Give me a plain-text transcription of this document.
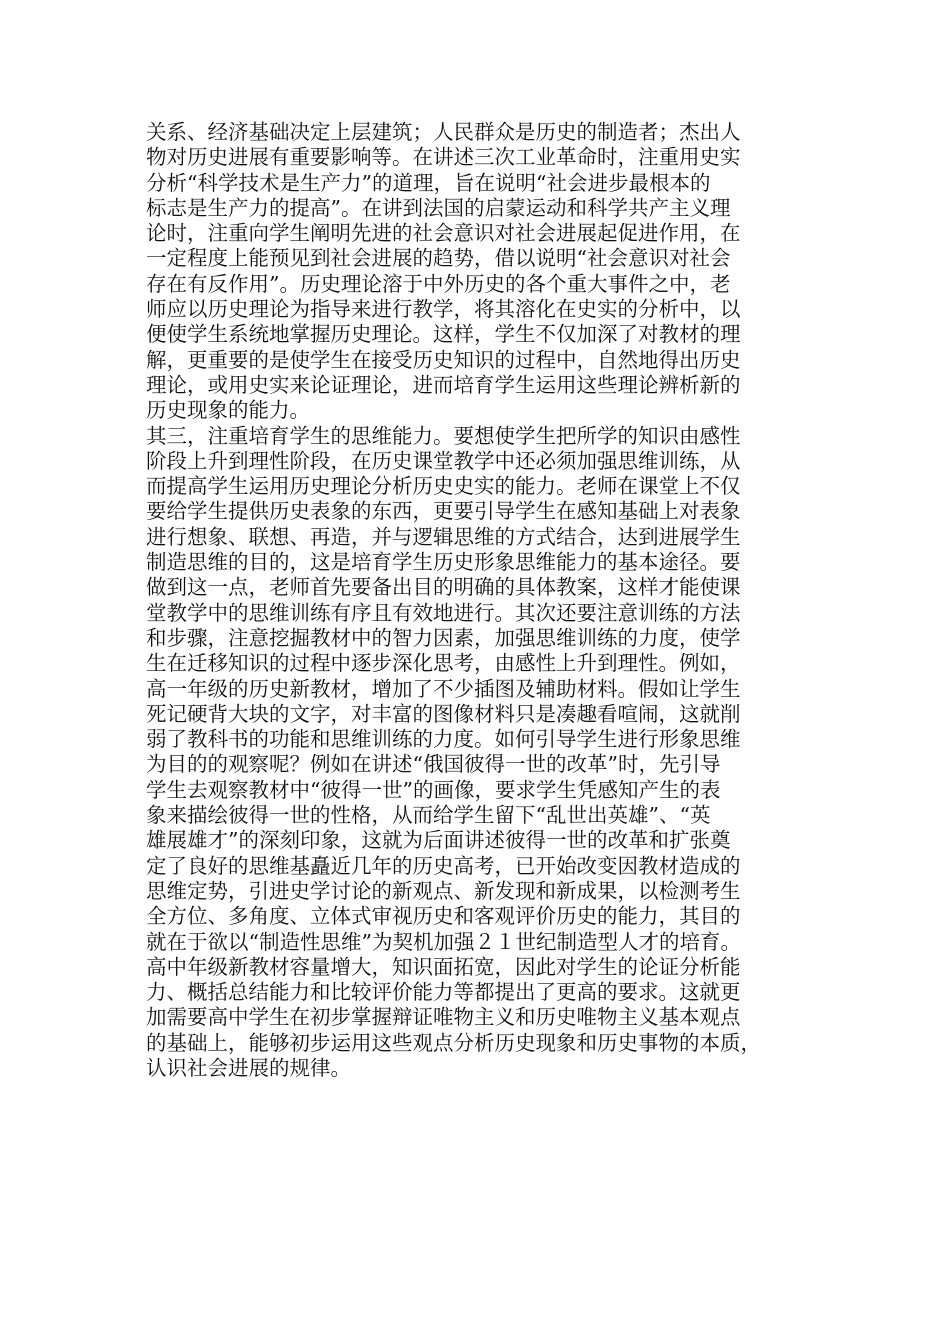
关系、经济基础决定上层建筑；人民群众是历史的制造者；杰出人
物对历史进展有重要影响等。在讲述三次工业革命时，注重用史实
分析“科学技术是生产力”的道理，旨在说明“社会进步最根本的
标志是生产力的提高”。在讲到法国的启蒙运动和科学共产主义理
论时，注重向学生阐明先进的社会意识对社会进展起促进作用，在
一定程度上能预见到社会进展的趋势，借以说明“社会意识对社会
存在有反作用”。历史理论溶于中外历史的各个重大事件之中，老
师应以历史理论为指导来进行教学，将其溶化在史实的分析中，以
便使学生系统地掌握历史理论。这样，学生不仅加深了对教材的理
解，更重要的是使学生在接受历史知识的过程中，自然地得出历史
理论，或用史实来论证理论，进而培育学生运用这些理论辨析新的
历史现象的能力。
其三，注重培育学生的思维能力。要想使学生把所学的知识由感性
阶段上升到理性阶段，在历史课堂教学中还必须加强思维训练，从
而提高学生运用历史理论分析历史史实的能力。老师在课堂上不仅
要给学生提供历史表象的东西，更要引导学生在感知基础上对表象
进行想象、联想、再造，并与逻辑思维的方式结合，达到进展学生
制造思维的目的，这是培育学生历史形象思维能力的基本途径。要
做到这一点，老师首先要备出目的明确的具体教案，这样才能使课
堂教学中的思维训练有序且有效地进行。其次还要注意训练的方法
和步骤，注意挖掘教材中的智力因素，加强思维训练的力度，使学
生在迁移知识的过程中逐步深化思考，由感性上升到理性。例如，
高一年级的历史新教材，增加了不少插图及辅助材料。假如让学生
死记硬背大块的文字，对丰富的图像材料只是凑趣看喧闹，这就削
弱了教科书的功能和思维训练的力度。如何引导学生进行形象思维
为目的的观察呢？例如在讲述“俄国彼得一世的改革”时，先引导
学生去观察教材中“彼得一世”的画像，要求学生凭感知产生的表
象来描绘彼得一世的性格，从而给学生留下“乱世出英雄”、“英
雄展雄才”的深刻印象，这就为后面讲述彼得一世的改革和扩张奠
定了良好的思维基矗近几年的历史高考，已开始改变因教材造成的
思维定势，引进史学讨论的新观点、新发现和新成果，以检测考生
全方位、多角度、立体式审视历史和客观评价历史的能力，其目的
就在于欲以“制造性思维”为契机加强２１世纪制造型人才的培育。
高中年级新教材容量增大，知识面拓宽，因此对学生的论证分析能
力、概括总结能力和比较评价能力等都提出了更高的要求。这就更
加需要高中学生在初步掌握辩证唯物主义和历史唯物主义基本观点
的基础上，能够初步运用这些观点分析历史现象和历史事物的本质，
认识社会进展的规律。
